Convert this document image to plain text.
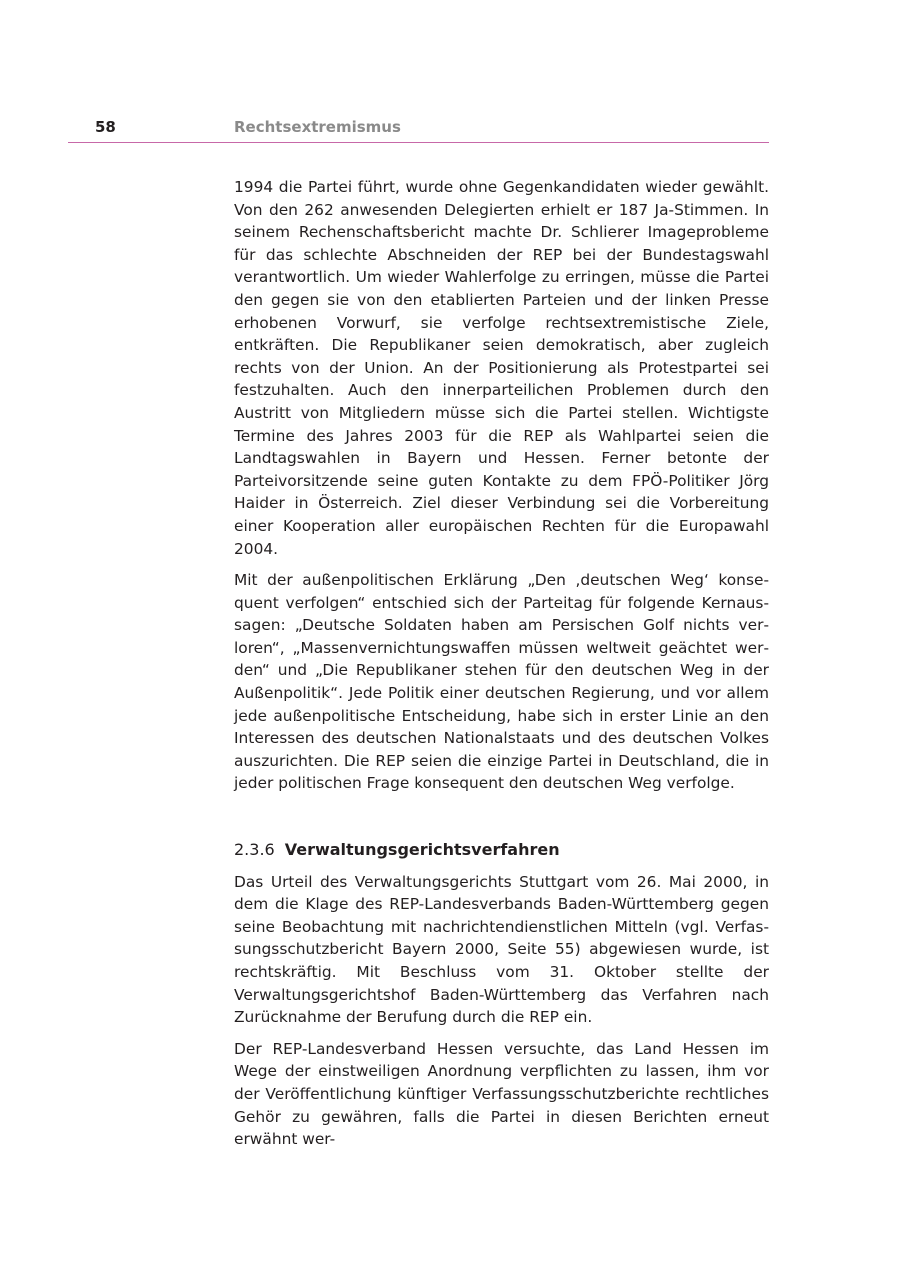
58	Rechtsextremismus

1994 die Partei führt, wurde ohne Gegenkandidaten wieder gewählt. Von den 262 anwesenden Delegierten erhielt er 187 Ja-Stimmen. In seinem Rechenschaftsbericht machte Dr. Schlierer Imageprobleme für das schlechte Abschneiden der REP bei der Bundestagswahl verantwortlich. Um wieder Wahlerfolge zu erringen, müsse die Partei den gegen sie von den etablierten Parteien und der linken Presse erhobenen Vorwurf, sie verfolge rechtsextremistische Ziele, entkräften. Die Republikaner seien demokratisch, aber zugleich rechts von der Union. An der Positionierung als Protestpartei sei festzuhalten. Auch den innerparteilichen Problemen durch den Austritt von Mitgliedern müsse sich die Partei stellen. Wichtigste Termine des Jahres 2003 für die REP als Wahlpartei seien die Landtagswahlen in Bayern und Hessen. Ferner betonte der Parteivorsitzende seine guten Kontakte zu dem FPÖ-Politiker Jörg Haider in Österreich. Ziel dieser Verbindung sei die Vorbereitung einer Kooperation aller europäischen Rechten für die Europawahl 2004.

Mit der außenpolitischen Erklärung „Den ‚deutschen Weg‘ konsequent verfolgen“ entschied sich der Parteitag für folgende Kernaussagen: „Deutsche Soldaten haben am Persischen Golf nichts verloren“, „Massenvernichtungswaffen müssen weltweit geächtet werden“ und „Die Republikaner stehen für den deutschen Weg in der Außenpolitik“. Jede Politik einer deutschen Regierung, und vor allem jede außenpolitische Entscheidung, habe sich in erster Linie an den Interessen des deutschen Nationalstaats und des deutschen Volkes auszurichten. Die REP seien die einzige Partei in Deutschland, die in jeder politischen Frage konsequent den deutschen Weg verfolge.

2.3.6 Verwaltungsgerichtsverfahren

Das Urteil des Verwaltungsgerichts Stuttgart vom 26. Mai 2000, in dem die Klage des REP-Landesverbands Baden-Württemberg gegen seine Beobachtung mit nachrichtendienstlichen Mitteln (vgl. Verfassungsschutzbericht Bayern 2000, Seite 55) abgewiesen wurde, ist rechtskräftig. Mit Beschluss vom 31. Oktober stellte der Verwaltungsgerichtshof Baden-Württemberg das Verfahren nach Zurücknahme der Berufung durch die REP ein.

Der REP-Landesverband Hessen versuchte, das Land Hessen im Wege der einstweiligen Anordnung verpflichten zu lassen, ihm vor der Veröffentlichung künftiger Verfassungsschutzberichte rechtliches Gehör zu gewähren, falls die Partei in diesen Berichten erneut erwähnt wer-
